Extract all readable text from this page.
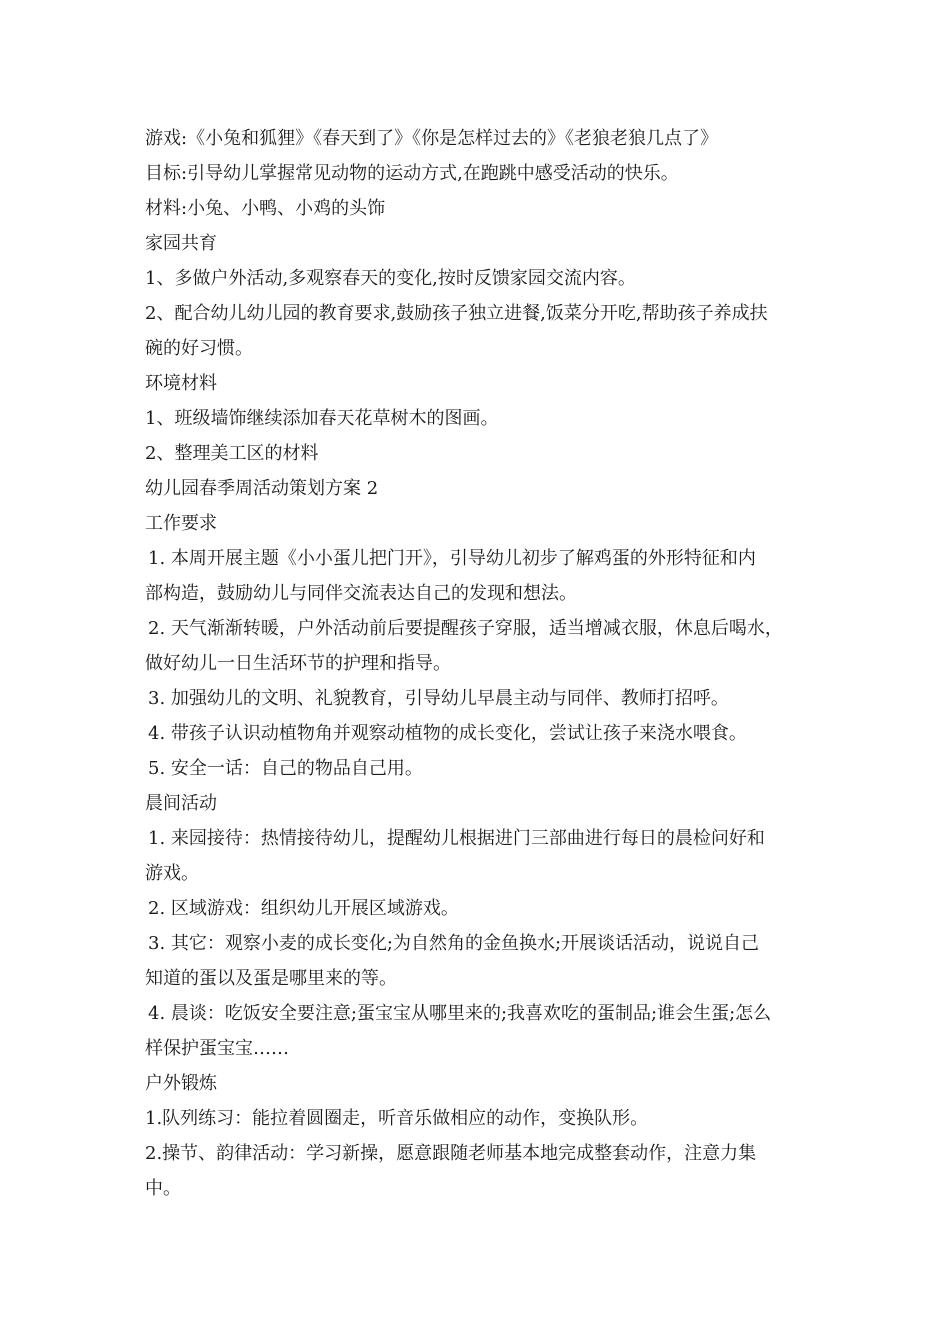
游戏:《小兔和狐狸》《春天到了》《你是怎样过去的》《老狼老狼几点了》

目标:引导幼儿掌握常见动物的运动方式,在跑跳中感受活动的快乐。

材料:小兔、小鸭、小鸡的头饰

家园共育

1、多做户外活动,多观察春天的变化,按时反馈家园交流内容。

2、配合幼儿幼儿园的教育要求,鼓励孩子独立进餐,饭菜分开吃,帮助孩子养成扶

碗的好习惯。

环境材料

1、班级墙饰继续添加春天花草树木的图画。

2、整理美工区的材料

幼儿园春季周活动策划方案 2

工作要求

1. 本周开展主题《小小蛋儿把门开》，引导幼儿初步了解鸡蛋的外形特征和内

部构造，鼓励幼儿与同伴交流表达自己的发现和想法。

2. 天气渐渐转暖，户外活动前后要提醒孩子穿服，适当增减衣服，休息后喝水，

做好幼儿一日生活环节的护理和指导。

3. 加强幼儿的文明、礼貌教育，引导幼儿早晨主动与同伴、教师打招呼。

4. 带孩子认识动植物角并观察动植物的成长变化，尝试让孩子来浇水喂食。

5. 安全一话：自己的物品自己用。

晨间活动

1. 来园接待：热情接待幼儿，提醒幼儿根据进门三部曲进行每日的晨检问好和

游戏。

2. 区域游戏：组织幼儿开展区域游戏。

3. 其它：观察小麦的成长变化;为自然角的金鱼换水;开展谈话活动，说说自己

知道的蛋以及蛋是哪里来的等。

4. 晨谈：吃饭安全要注意;蛋宝宝从哪里来的;我喜欢吃的蛋制品;谁会生蛋;怎么

样保护蛋宝宝……

户外锻炼

1.队列练习：能拉着圆圈走，听音乐做相应的动作，变换队形。

2.操节、韵律活动：学习新操，愿意跟随老师基本地完成整套动作，注意力集

中。
